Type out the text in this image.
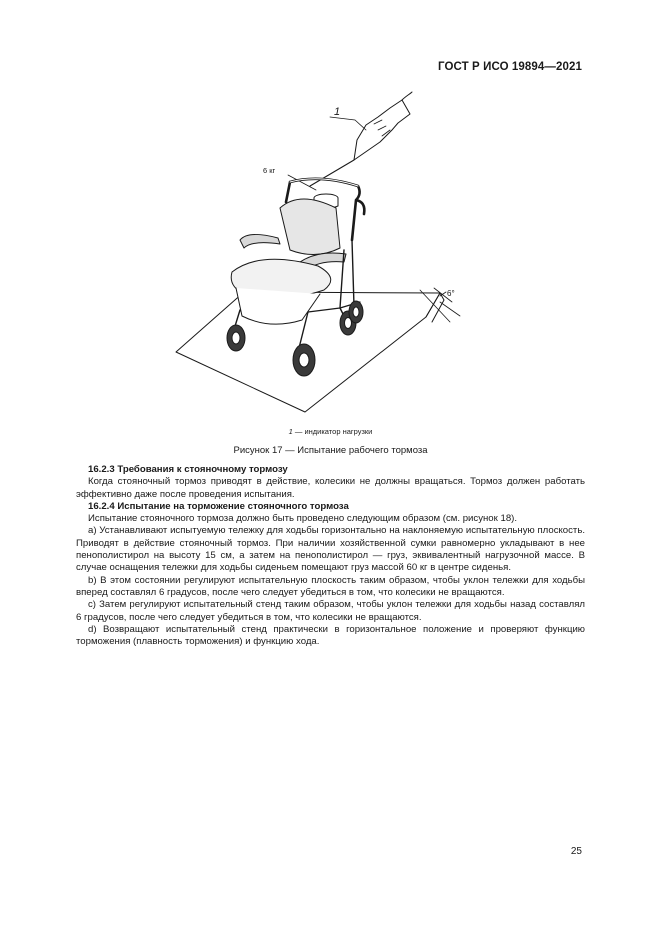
ГОСТ Р ИСО 19894—2021
1
6 кг
6°
1 — индикатор нагрузки
Рисунок 17 — Испытание рабочего тормоза

16.2.3 Требования к стояночному тормозу

Когда стояночный тормоз приводят в действие, колесики не должны вращаться. Тормоз должен работать эффективно даже после проведения испытания.

16.2.4 Испытание на торможение стояночного тормоза

Испытание стояночного тормоза должно быть проведено следующим образом (см. рисунок 18).

a) Устанавливают испытуемую тележку для ходьбы горизонтально на наклоняемую испытательную плоскость. Приводят в действие стояночный тормоз. При наличии хозяйственной сумки равномерно укладывают в нее пенополистирол на высоту 15 см, а затем на пенополистирол — груз, эквивалентный нагрузочной массе. В случае оснащения тележки для ходьбы сиденьем помещают груз массой 60 кг в центре сиденья.

b) В этом состоянии регулируют испытательную плоскость таким образом, чтобы уклон тележки для ходьбы вперед составлял 6 градусов, после чего следует убедиться в том, что колесики не вращаются.

c) Затем регулируют испытательный стенд таким образом, чтобы уклон тележки для ходьбы назад составлял 6 градусов, после чего следует убедиться в том, что колесики не вращаются.

d) Возвращают испытательный стенд практически в горизонтальное положение и проверяют функцию торможения (плавность торможения) и функцию хода.

25
